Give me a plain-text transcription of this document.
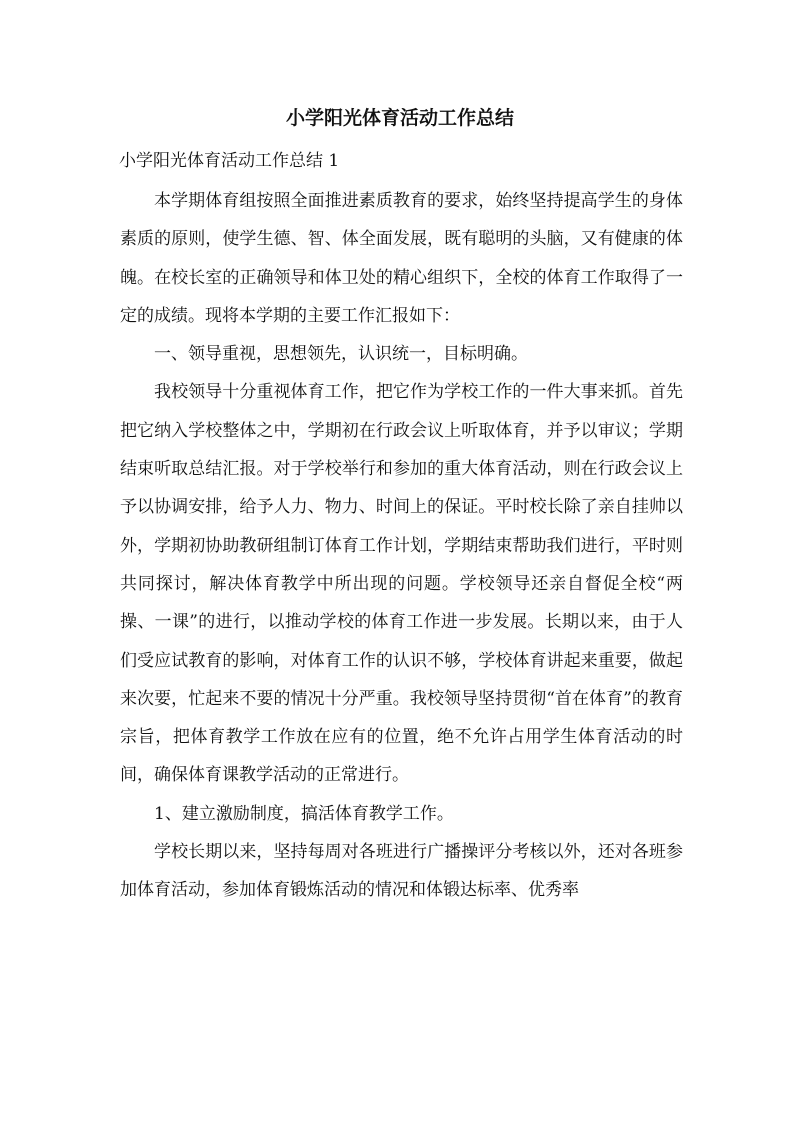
小学阳光体育活动工作总结
小学阳光体育活动工作总结 1

本学期体育组按照全面推进素质教育的要求，始终坚持提高学生的身体素质的原则，使学生德、智、体全面发展，既有聪明的头脑，又有健康的体魄。在校长室的正确领导和体卫处的精心组织下，全校的体育工作取得了一定的成绩。现将本学期的主要工作汇报如下：

一、领导重视，思想领先，认识统一，目标明确。

我校领导十分重视体育工作，把它作为学校工作的一件大事来抓。首先把它纳入学校整体之中，学期初在行政会议上听取体育，并予以审议；学期结束听取总结汇报。对于学校举行和参加的重大体育活动，则在行政会议上予以协调安排，给予人力、物力、时间上的保证。平时校长除了亲自挂帅以外，学期初协助教研组制订体育工作计划，学期结束帮助我们进行，平时则共同探讨，解决体育教学中所出现的问题。学校领导还亲自督促全校“两操、一课”的进行，以推动学校的体育工作进一步发展。长期以来，由于人们受应试教育的影响，对体育工作的认识不够，学校体育讲起来重要，做起来次要，忙起来不要的情况十分严重。我校领导坚持贯彻“首在体育”的教育宗旨，把体育教学工作放在应有的位置，绝不允许占用学生体育活动的时间，确保体育课教学活动的正常进行。

1、建立激励制度，搞活体育教学工作。

学校长期以来，坚持每周对各班进行广播操评分考核以外，还对各班参加体育活动，参加体育锻炼活动的情况和体锻达标率、优秀率
